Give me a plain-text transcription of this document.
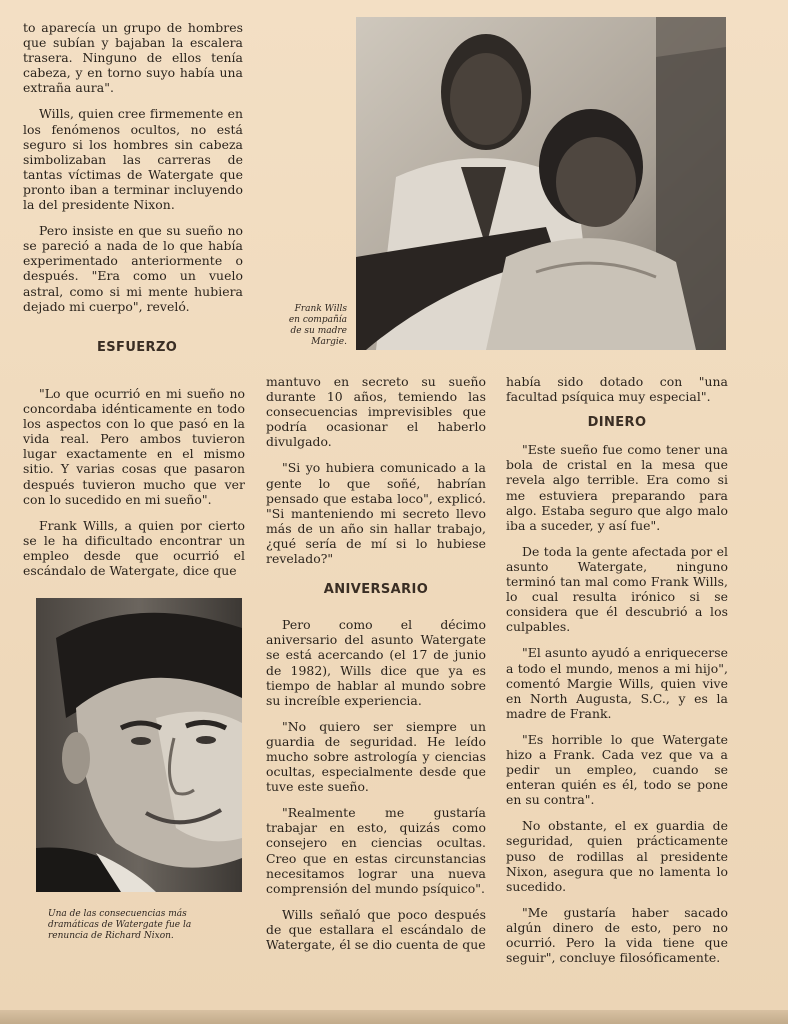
to aparecía un grupo de hombres que subían y bajaban la escalera trasera. Ninguno de ellos tenía cabeza, y en torno suyo había una extraña aura".

Wills, quien cree firmemente en los fenómenos ocultos, no está seguro si los hombres sin cabeza simbolizaban las carreras de tantas víctimas de Watergate que pronto iban a terminar incluyendo la del presidente Nixon.

Pero insiste en que su sueño no se pareció a nada de lo que había experimentado anteriormente o después. "Era como un vuelo astral, como si mi mente hubiera dejado mi cuerpo", reveló.	Frank Wills en compañía de su madre Margie.
ESFUERZO

"Lo que ocurrió en mi sueño no concordaba idénticamente en todo los aspectos con lo que pasó en la vida real. Pero ambos tuvieron lugar exactamente en el mismo sitio. Y varias cosas que pasaron después tuvieron mucho que ver con lo sucedido en mi sueño".

Frank Wills, a quien por cierto se le ha dificultado encontrar un empleo desde que ocurrió el escándalo de Watergate, dice que

Una de las consecuencias más dramáticas de Watergate fue la renuncia de Richard Nixon.

mantuvo en secreto su sueño durante 10 años, temiendo las consecuencias imprevisibles que podría ocasionar el haberlo divulgado.

"Si yo hubiera comunicado a la gente lo que soñé, habrían pensado que estaba loco", explicó. "Si manteniendo mi secreto llevo más de un año sin hallar trabajo, ¿qué sería de mí si lo hubiese revelado?"

ANIVERSARIO

Pero como el décimo aniversario del asunto Watergate se está acercando (el 17 de junio de 1982), Wills dice que ya es tiempo de hablar al mundo sobre su increíble experiencia.

"No quiero ser siempre un guardia de seguridad. He leído mucho sobre astrología y ciencias ocultas, especialmente desde que tuve este sueño.

"Realmente me gustaría trabajar en esto, quizás como consejero en ciencias ocultas. Creo que en estas circunstancias necesitamos lograr una nueva comprensión del mundo psíquico".

Wills señaló que poco después de que estallara el escándalo de Watergate, él se dio cuenta de que

había sido dotado con "una facultad psíquica muy especial".

DINERO

"Este sueño fue como tener una bola de cristal en la mesa que revela algo terrible. Era como si me estuviera preparando para algo. Estaba seguro que algo malo iba a suceder, y así fue".

De toda la gente afectada por el asunto Watergate, ninguno terminó tan mal como Frank Wills, lo cual resulta irónico si se considera que él descubrió a los culpables.

"El asunto ayudó a enriquecerse a todo el mundo, menos a mi hijo", comentó Margie Wills, quien vive en North Augusta, S.C., y es la madre de Frank.

"Es horrible lo que Watergate hizo a Frank. Cada vez que va a pedir un empleo, cuando se enteran quién es él, todo se pone en su contra".

No obstante, el ex guardia de seguridad, quien prácticamente puso de rodillas al presidente Nixon, asegura que no lamenta lo sucedido.

"Me gustaría haber sacado algún dinero de esto, pero no ocurrió. Pero la vida tiene que seguir", concluye filosóficamente.
